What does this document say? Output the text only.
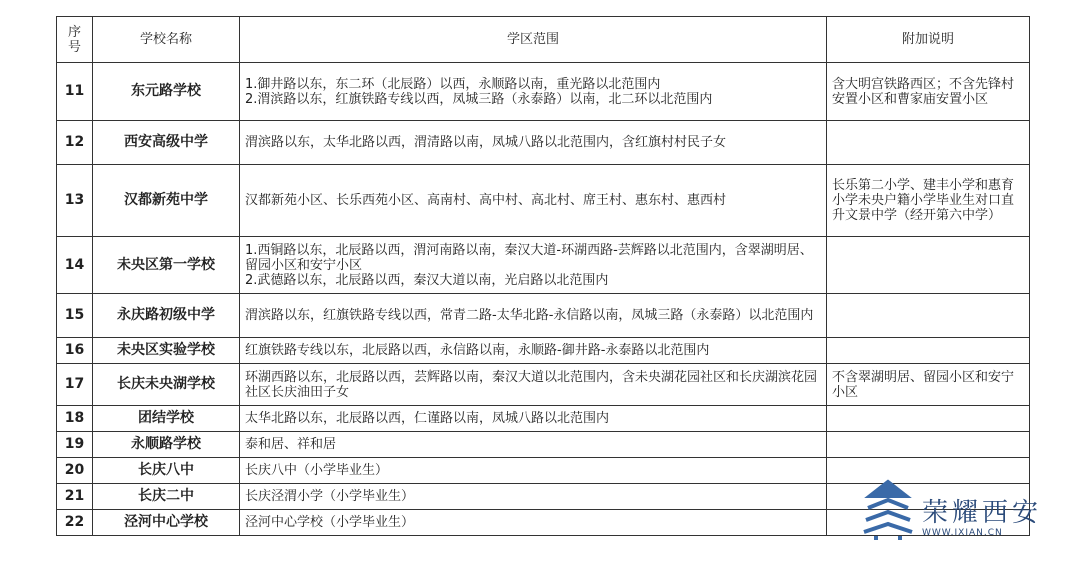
序号	学校名称	学区范围	附加说明
11	东元路学校	1.御井路以东，东二环（北辰路）以西，永顺路以南，重光路以北范围内
2.渭滨路以东，红旗铁路专线以西，凤城三路（永泰路）以南，北二环以北范围内	含大明宫铁路西区；不含先锋村安置小区和曹家庙安置小区
12	西安高级中学	渭滨路以东，太华北路以西，渭清路以南，凤城八路以北范围内，含红旗村村民子女	

13	汉都新苑中学	汉都新苑小区、长乐西苑小区、高南村、高中村、高北村、席王村、惠东村、惠西村	长乐第二小学、建丰小学和惠育小学未央户籍小学毕业生对口直升文景中学（经开第六中学）
14	未央区第一学校	1.西铜路以东，北辰路以西，渭河南路以南，秦汉大道-环湖西路-芸辉路以北范围内，含翠湖明居、留园小区和安宁小区
2.武德路以东，北辰路以西，秦汉大道以南，光启路以北范围内	

15	永庆路初级中学	渭滨路以东，红旗铁路专线以西，常青二路-太华北路-永信路以南，凤城三路（永泰路）以北范围内	

16	未央区实验学校	红旗铁路专线以东，北辰路以西，永信路以南，永顺路-御井路-永泰路以北范围内	

17	长庆未央湖学校	环湖西路以东，北辰路以西，芸辉路以南，秦汉大道以北范围内，含未央湖花园社区和长庆湖滨花园社区长庆油田子女	不含翠湖明居、留园小区和安宁小区
18	团结学校	太华北路以东，北辰路以西，仁谨路以南，凤城八路以北范围内	

19	永顺路学校	泰和居、祥和居	

20	长庆八中	长庆八中（小学毕业生）	

21	长庆二中	长庆泾渭小学（小学毕业生）	

22	泾河中心学校	泾河中心学校（小学毕业生）	
		荣耀西安
WWW.IXIAN.CN
